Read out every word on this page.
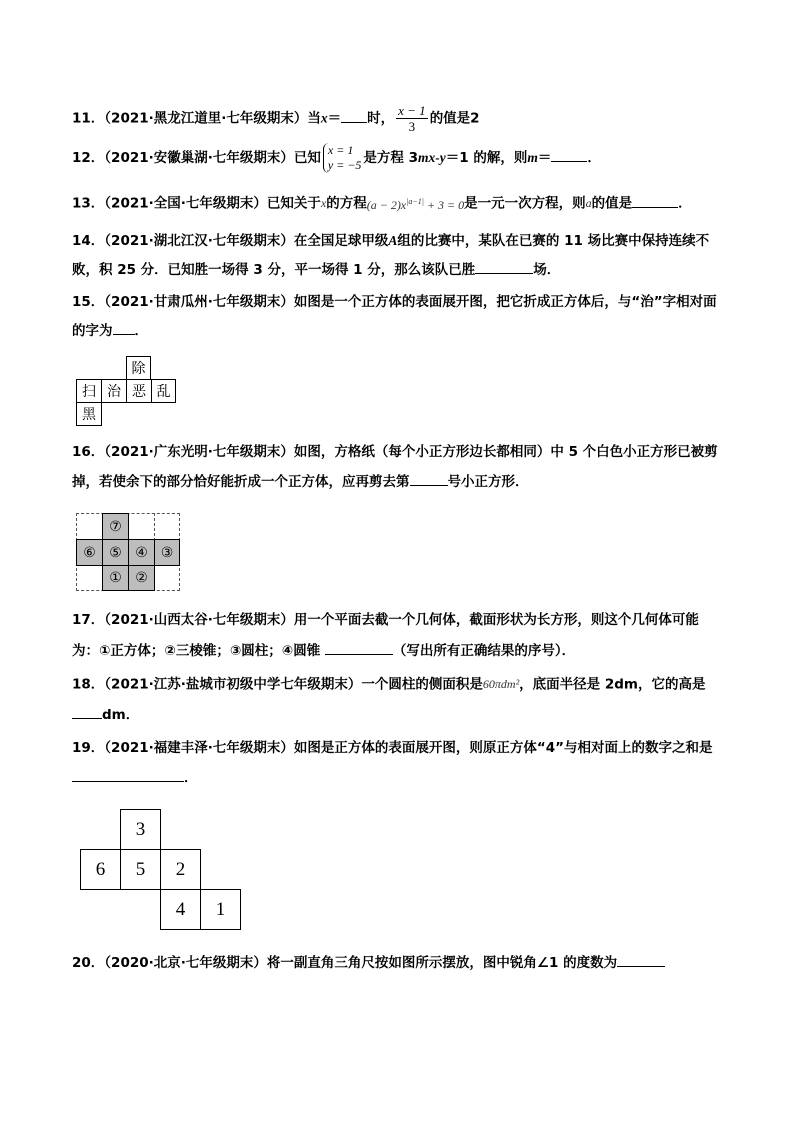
11．（2021·黑龙江道里·七年级期末）当x＝ 时， $\frac{x - 1}{3}$ 的值是2
12．（2021·安徽巢湖·七年级期末）已知 x = 1
y = −5 是方程 3mx-y＝1 的解，则m＝	．
13．（2021·全国·七年级期末）已知关于x的方程$(a - 2)x^{|a-1|} + 3 = 0$是一元一次方程，则a的值是	．
14．（2021·湖北江汉·七年级期末）在全国足球甲级A组的比赛中，某队在已赛的 11 场比赛中保持连续不
败，积 25 分．已知胜一场得 3 分，平一场得 1 分，那么该队已胜	场．
15．（2021·甘肃瓜州·七年级期末）如图是一个正方体的表面展开图，把它折成正方体后，与“治”字相对面
的字为 ．
除
扫 治 恶 乱
黑
16．（2021·广东光明·七年级期末）如图，方格纸（每个小正方形边长都相同）中 5 个白色小正方形已被剪
掉，若使余下的部分恰好能折成一个正方体，应再剪去第	号小正方形．
⑦
⑥ ⑤ ④ ③
① ②
17．（2021·山西太谷·七年级期末）用一个平面去截一个几何体，截面形状为长方形，则这个几何体可能
为：①正方体；②三棱锥；③圆柱；④圆锥	（写出所有正确结果的序号）．
18．（2021·江苏·盐城市初级中学七年级期末）一个圆柱的侧面积是60πdm²，底面半径是 2dm，它的高是
dm．
19．（2021·福建丰泽·七年级期末）如图是正方体的表面展开图，则原正方体“4”与相对面上的数字之和是
．
3
6	5	2
4	1
20．（2020·北京·七年级期末）将一副直角三角尺按如图所示摆放，图中锐角∠1 的度数为
